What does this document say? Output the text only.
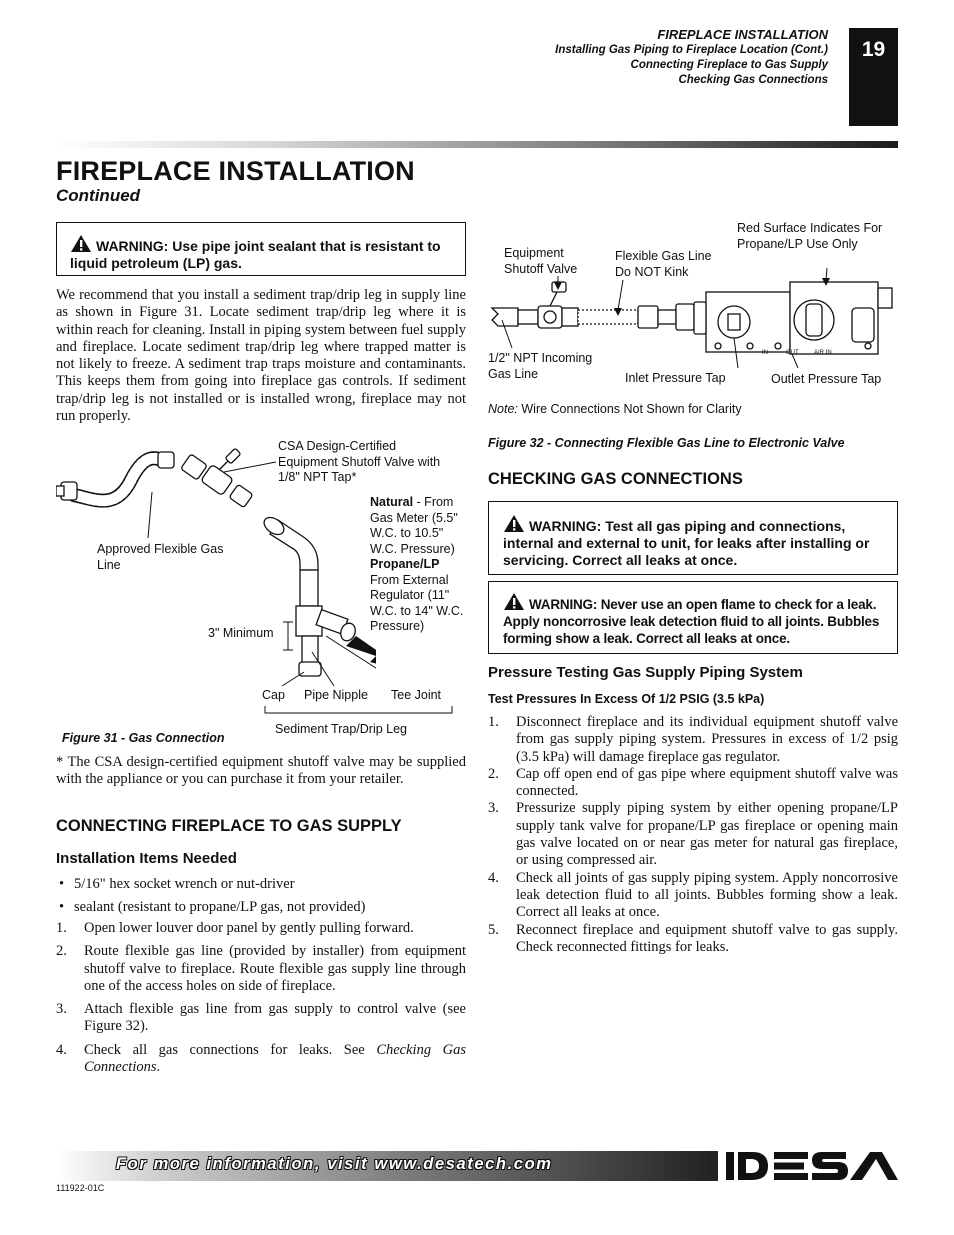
FIREPLACE INSTALLATION
Installing Gas Piping to Fireplace Location (Cont.)
Connecting Fireplace to Gas Supply
Checking Gas Connections
19
FIREPLACE INSTALLATION
Continued
WARNING: Use pipe joint sealant that is resistant to liquid petroleum (LP) gas.
We recommend that you install a sediment trap/drip leg in supply line as shown in Figure 31. Locate sediment trap/drip leg where it is within reach for cleaning. Install in piping system between fuel supply and fireplace. Locate sediment trap/drip leg where trapped matter is not likely to freeze. A sediment trap traps moisture and contaminants. This keeps them from going into fireplace gas controls. If sediment trap/drip leg is not installed or is installed wrong, fireplace may not run properly.
CSA Design-Certified Equipment Shutoff Valve with 1/8" NPT Tap*
Natural - From Gas Meter (5.5" W.C. to 10.5" W.C. Pressure)
Propane/LP
From External Regulator (11" W.C. to 14" W.C. Pressure)
Approved Flexible Gas Line
3" Minimum
Cap Pipe Nipple Tee Joint
Sediment Trap/Drip Leg
Figure 31 - Gas Connection
* The CSA design-certified equipment shutoff valve may be supplied with the appliance or you can purchase it from your retailer.
CONNECTING FIREPLACE TO GAS SUPPLY
Installation Items Needed
• 5/16" hex socket wrench or nut-driver
• sealant (resistant to propane/LP gas, not provided)
1. Open lower louver door panel by gently pulling forward.
2. Route flexible gas line (provided by installer) from equipment shutoff valve to fireplace. Route flexible gas supply line through one of the access holes on side of fireplace.
3. Attach flexible gas line from gas supply to control valve (see Figure 32).
4. Check all gas connections for leaks. See Checking Gas Connections.
IN	OUT	AIR IN
Red Surface Indicates For Propane/LP Use Only
Equipment Shutoff Valve
Flexible Gas Line Do NOT Kink
1/2" NPT Incoming Gas Line	Inlet Pressure Tap	Outlet Pressure Tap
Note: Wire Connections Not Shown for Clarity
Figure 32 - Connecting Flexible Gas Line to Electronic Valve
CHECKING GAS CONNECTIONS
WARNING: Test all gas piping and connections, internal and external to unit, for leaks after installing or servicing. Correct all leaks at once.
WARNING: Never use an open flame to check for a leak. Apply noncorrosive leak detection fluid to all joints. Bubbles forming show a leak. Correct all leaks at once.
Pressure Testing Gas Supply Piping System
Test Pressures In Excess Of 1/2 PSIG (3.5 kPa)
1. Disconnect fireplace and its individual equipment shutoff valve from gas supply piping system. Pressures in excess of 1/2 psig (3.5 kPa) will damage fireplace gas regulator.
2. Cap off open end of gas pipe where equipment shutoff valve was connected.
3. Pressurize supply piping system by either opening propane/LP supply tank valve for propane/LP gas fireplace or opening main gas valve located on or near gas meter for natural gas fireplace, or using compressed air.
4. Check all joints of gas supply piping system. Apply noncorrosive leak detection fluid to all joints. Bubbles forming show a leak. Correct all leaks at once.
5. Reconnect fireplace and equipment shutoff valve to gas supply. Check reconnected fittings for leaks.
For more information, visit www.desatech.com
DESA
111922-01C
